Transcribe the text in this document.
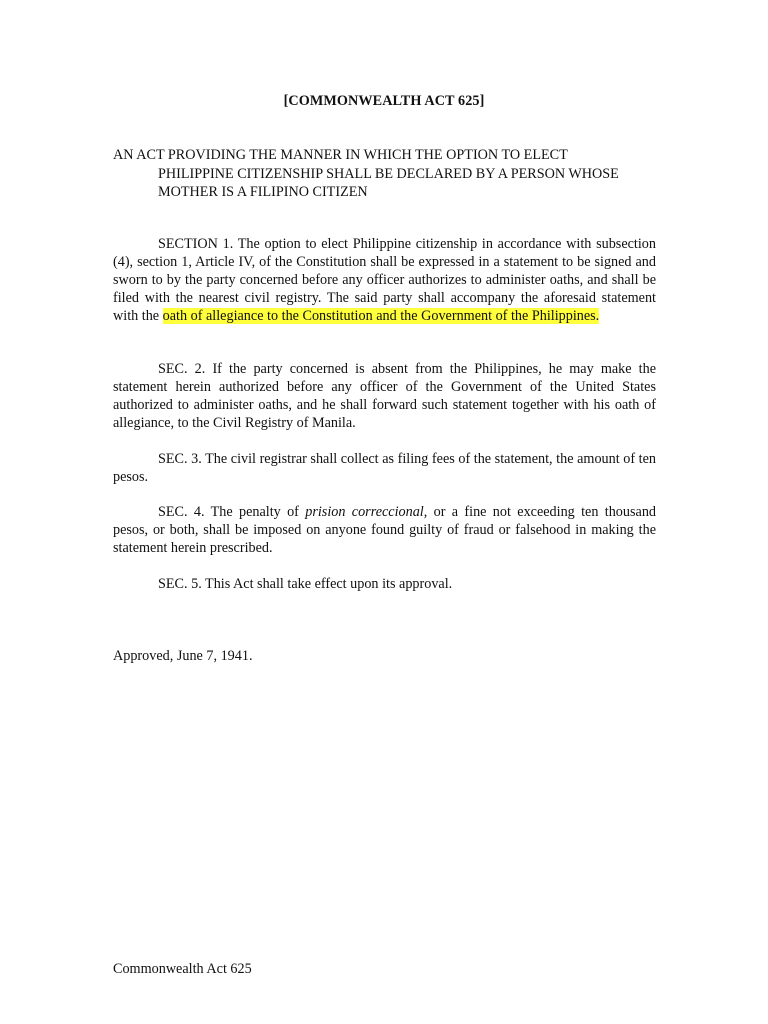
[COMMONWEALTH ACT 625]
AN ACT PROVIDING THE MANNER IN WHICH THE OPTION TO ELECT
PHILIPPINE CITIZENSHIP SHALL BE DECLARED BY A PERSON WHOSE
MOTHER IS A FILIPINO CITIZEN
SECTION 1. The option to elect Philippine citizenship in accordance with subsection (4), section 1, Article IV, of the Constitution shall be expressed in a statement to be signed and sworn to by the party concerned before any officer authorizes to administer oaths, and shall be filed with the nearest civil registry. The said party shall accompany the aforesaid statement with the oath of allegiance to the Constitution and the Government of the Philippines.
SEC. 2. If the party concerned is absent from the Philippines, he may make the statement herein authorized before any officer of the Government of the United States authorized to administer oaths, and he shall forward such statement together with his oath of allegiance, to the Civil Registry of Manila.
SEC. 3. The civil registrar shall collect as filing fees of the statement, the amount of ten pesos.
SEC. 4. The penalty of prision correccional, or a fine not exceeding ten thousand pesos, or both, shall be imposed on anyone found guilty of fraud or falsehood in making the statement herein prescribed.
SEC. 5. This Act shall take effect upon its approval.
Approved, June 7, 1941.
Commonwealth Act 625
